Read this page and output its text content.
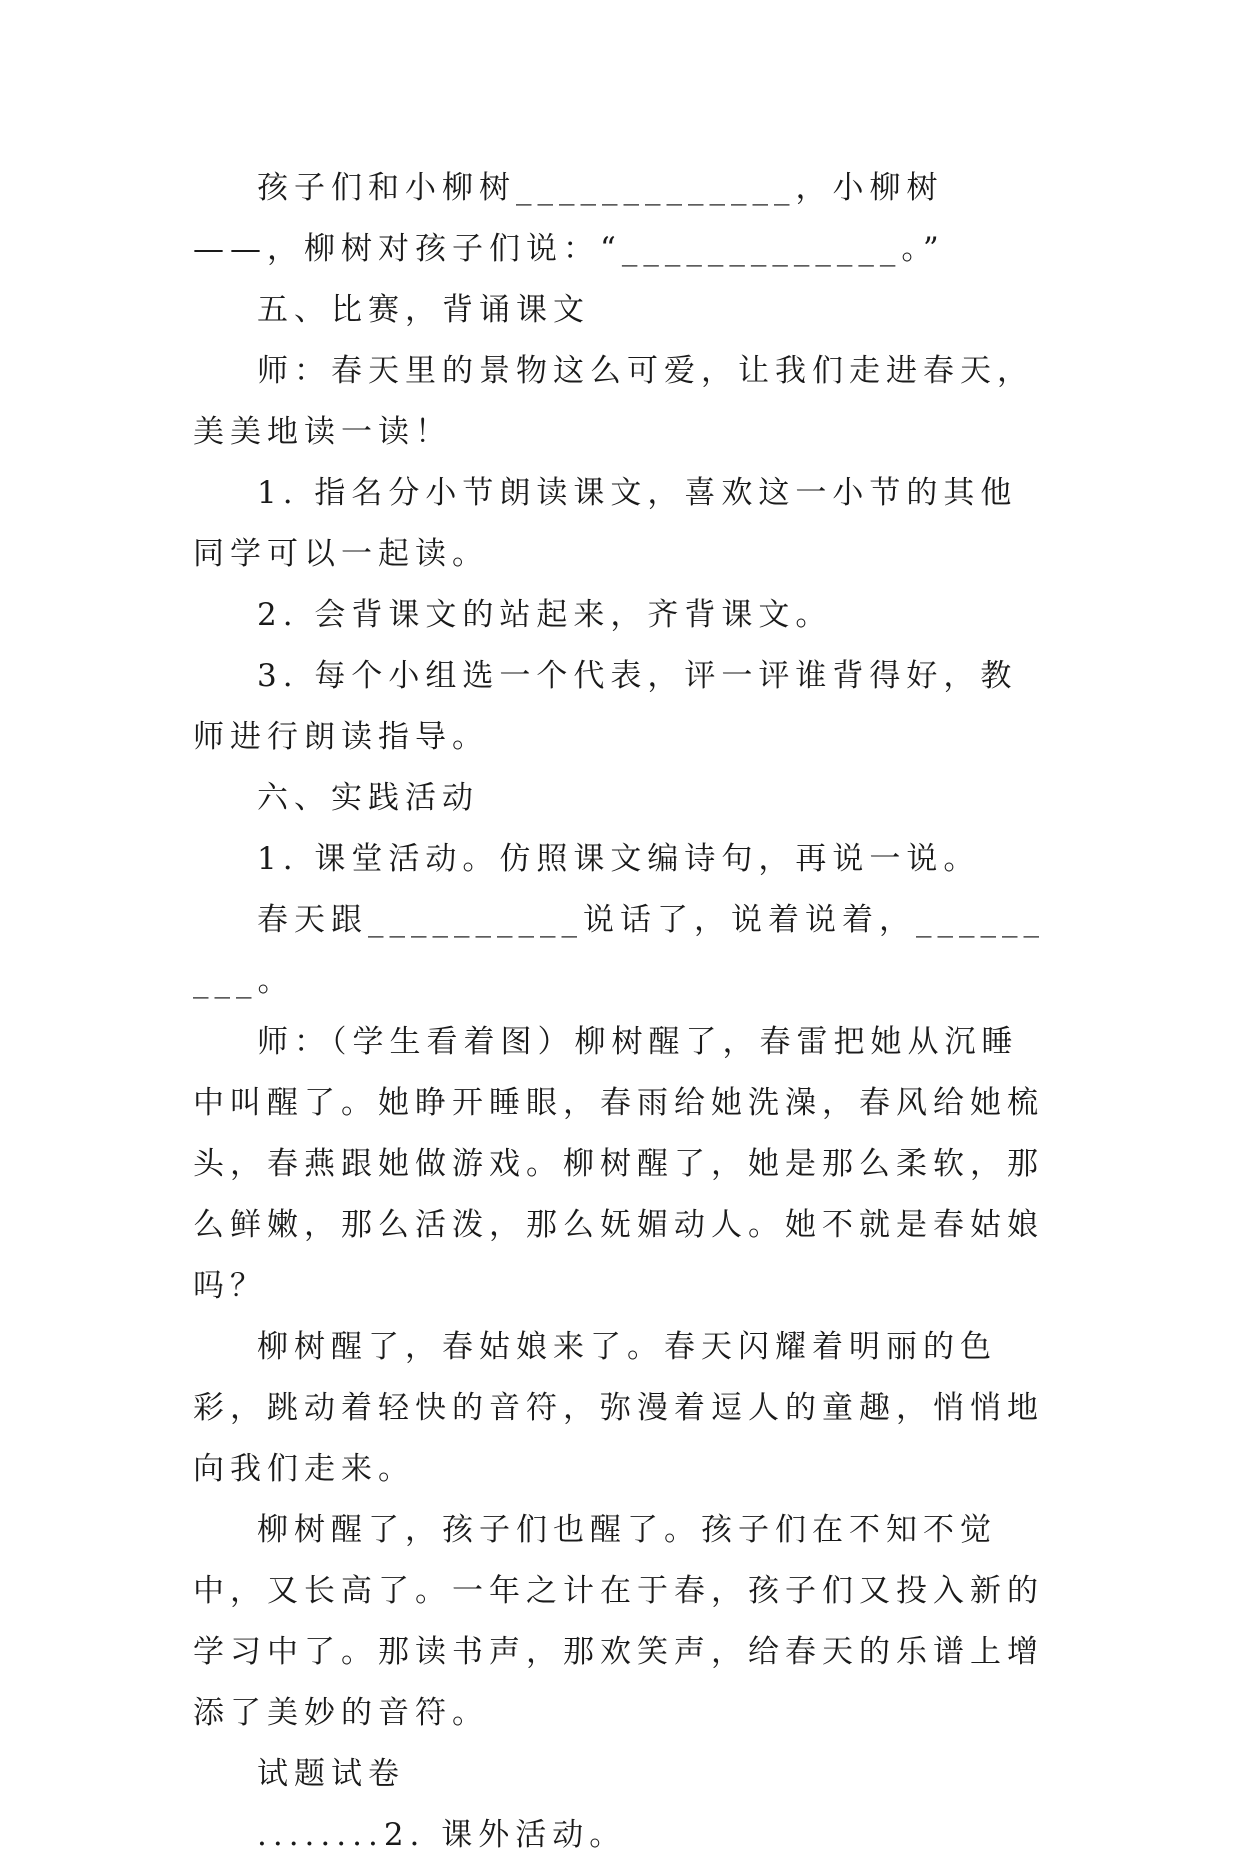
孩子们和小柳树_____________，小柳树——，柳树对孩子们说：“_____________。”

五、比赛，背诵课文

师：春天里的景物这么可爱，让我们走进春天，美美地读一读！

1. 指名分小节朗读课文，喜欢这一小节的其他同学可以一起读。

2. 会背课文的站起来，齐背课文。

3. 每个小组选一个代表，评一评谁背得好，教师进行朗读指导。

六、实践活动

1. 课堂活动。仿照课文编诗句，再说一说。

春天跟__________说话了，说着说着，_________。

师：（学生看着图）柳树醒了，春雷把她从沉睡中叫醒了。她睁开睡眼，春雨给她洗澡，春风给她梳头，春燕跟她做游戏。柳树醒了，她是那么柔软，那么鲜嫩，那么活泼，那么妩媚动人。她不就是春姑娘吗？

柳树醒了，春姑娘来了。春天闪耀着明丽的色彩，跳动着轻快的音符，弥漫着逗人的童趣，悄悄地向我们走来。

柳树醒了，孩子们也醒了。孩子们在不知不觉中，又长高了。一年之计在于春，孩子们又投入新的学习中了。那读书声，那欢笑声，给春天的乐谱上增添了美妙的音符。

试题试卷

........2. 课外活动。
